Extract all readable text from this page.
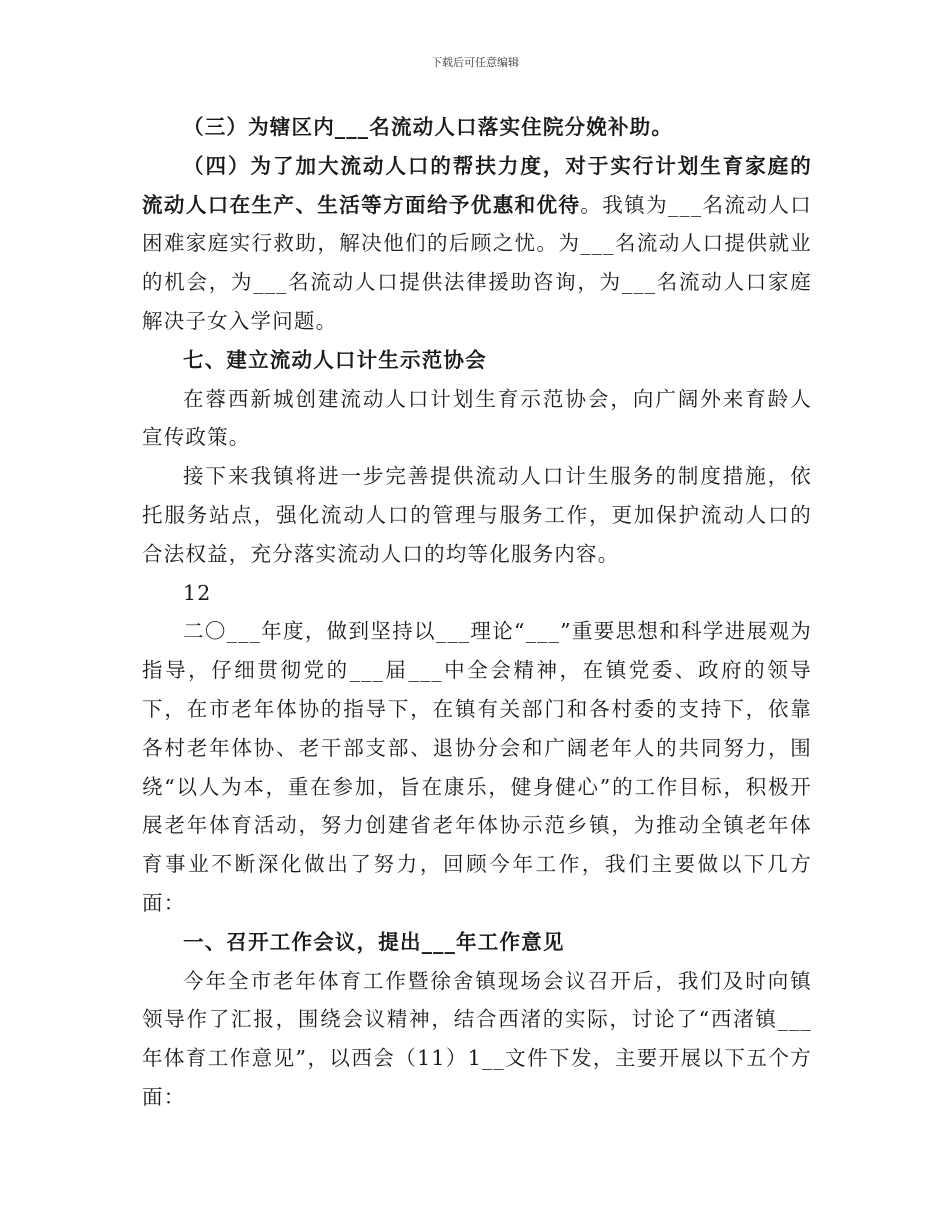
下载后可任意编辑

（三）为辖区内___名流动人口落实住院分娩补助。

（四）为了加大流动人口的帮扶力度，对于实行计划生育家庭的流动人口在生产、生活等方面给予优惠和优待。我镇为___名流动人口困难家庭实行救助，解决他们的后顾之忧。为___名流动人口提供就业的机会，为___名流动人口提供法律援助咨询，为___名流动人口家庭解决子女入学问题。

七、建立流动人口计生示范协会

在蓉西新城创建流动人口计划生育示范协会，向广阔外来育龄人宣传政策。

接下来我镇将进一步完善提供流动人口计生服务的制度措施，依托服务站点，强化流动人口的管理与服务工作，更加保护流动人口的合法权益，充分落实流动人口的均等化服务内容。

12

二〇___年度，做到坚持以___理论“___”重要思想和科学进展观为指导，仔细贯彻党的___届___中全会精神，在镇党委、政府的领导下，在市老年体协的指导下，在镇有关部门和各村委的支持下，依靠各村老年体协、老干部支部、退协分会和广阔老年人的共同努力，围绕“以人为本，重在参加，旨在康乐，健身健心”的工作目标，积极开展老年体育活动，努力创建省老年体协示范乡镇，为推动全镇老年体育事业不断深化做出了努力，回顾今年工作，我们主要做以下几方面：

一、召开工作会议，提出___年工作意见

今年全市老年体育工作暨徐舍镇现场会议召开后，我们及时向镇领导作了汇报，围绕会议精神，结合西渚的实际，讨论了“西渚镇___年体育工作意见”，以西会（11）1__文件下发，主要开展以下五个方面：
